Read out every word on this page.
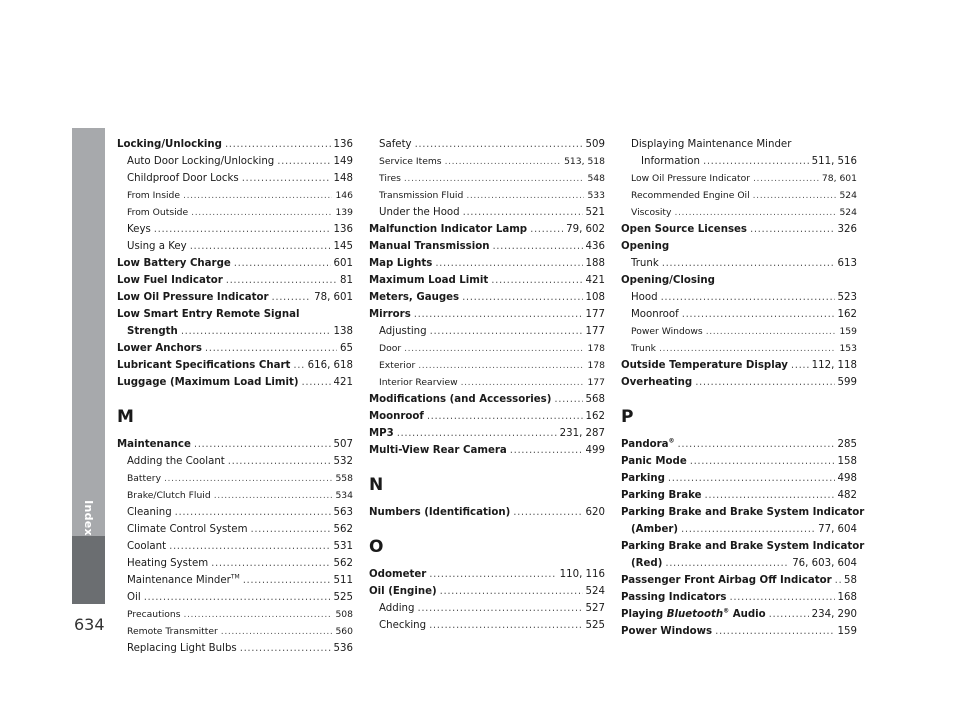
Index
634
Locking/Unlocking .....	136
Auto Door Locking/Unlocking .....	149
Childproof Door Locks .....	148
From Inside .....	146
From Outside .....	139
Keys .....	136
Using a Key .....	145
Low Battery Charge .....	601
Low Fuel Indicator .....	81
Low Oil Pressure Indicator .....	78, 601
Low Smart Entry Remote Signal
Strength .....	138
Lower Anchors .....	65
Lubricant Specifications Chart ..... 616, 618
Luggage (Maximum Load Limit) .....	421
M
Maintenance .....	507
Adding the Coolant .....	532
Battery .....	558
Brake/Clutch Fluid .....	534
Cleaning .....	563
Climate Control System .....	562
Coolant .....	531
Heating System .....	562
Maintenance Minder™ .....	511
Oil .....	525
Precautions .....	508
Remote Transmitter .....	560
Replacing Light Bulbs .....	536
Safety .....	509
Service Items .....	513, 518
Tires .....	548
Transmission Fluid .....	533
Under the Hood .....	521
Malfunction Indicator Lamp .....	79, 602
Manual Transmission .....	436
Map Lights .....	188
Maximum Load Limit .....	421
Meters, Gauges .....	108
Mirrors .....	177
Adjusting .....	177
Door .....	178
Exterior .....	178
Interior Rearview .....	177
Modifications (and Accessories) .....	568
Moonroof .....	162
MP3 .....	231, 287
Multi-View Rear Camera .....	499
N
Numbers (Identification) .....	620
O
Odometer .....	110, 116
Oil (Engine) .....	524
Adding .....	527
Checking .....	525
Displaying Maintenance Minder
Information .....	511, 516
Low Oil Pressure Indicator .....	78, 601
Recommended Engine Oil .....	524
Viscosity .....	524
Open Source Licenses .....	326
Opening
Trunk .....	613
Opening/Closing
Hood .....	523
Moonroof .....	162
Power Windows .....	159
Trunk .....	153
Outside Temperature Display ..... 112, 118
Overheating .....	599
P
Pandora® .....	285
Panic Mode .....	158
Parking .....	498
Parking Brake .....	482
Parking Brake and Brake System Indicator
(Amber) .....	77, 604
Parking Brake and Brake System Indicator
(Red) .....	76, 603, 604
Passenger Front Airbag Off Indicator ..... 58
Passing Indicators .....	168
Playing Bluetooth® Audio .....	234, 290
Power Windows .....	159
